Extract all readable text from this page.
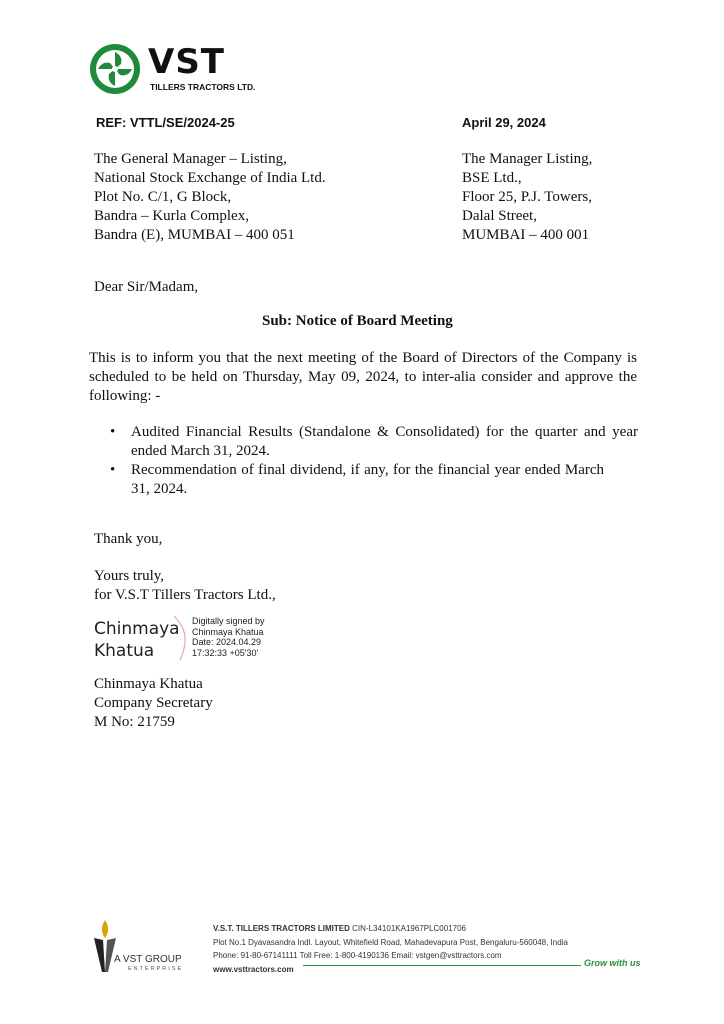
VST
TILLERS TRACTORS LTD.
REF: VTTL/SE/2024-25	April 29, 2024
The General Manager – Listing,
National Stock Exchange of India Ltd.
Plot No. C/1, G Block,
Bandra – Kurla Complex,
Bandra (E), MUMBAI – 400 051
The Manager Listing,
BSE Ltd.,
Floor 25, P.J. Towers,
Dalal Street,
MUMBAI – 400 001
Dear Sir/Madam,
Sub: Notice of Board Meeting
This is to inform you that the next meeting of the Board of Directors of the Company is scheduled to be held on Thursday, May 09, 2024, to inter-alia consider and approve the following: -
• Audited Financial Results (Standalone & Consolidated) for the quarter and year ended March 31, 2024.
• Recommendation of final dividend, if any, for the financial year ended March 31, 2024.
Thank you,
Yours truly,
for V.S.T Tillers Tractors Ltd.,
Chinmaya
Khatua
Digitally signed by
Chinmaya Khatua
Date: 2024.04.29
17:32:33 +05'30'
Chinmaya Khatua
Company Secretary
M No: 21759
A VST GROUP
ENTERPRISE
V.S.T. TILLERS TRACTORS LIMITED CIN-L34101KA1967PLC001706
Plot No.1 Dyavasandra Indl. Layout, Whitefield Road, Mahadevapura Post, Bengaluru-560048, India
Phone: 91-80-67141111 Toll Free: 1-800-4190136 Email: vstgen@vsttractors.com
www.vsttractors.com
Grow with us
